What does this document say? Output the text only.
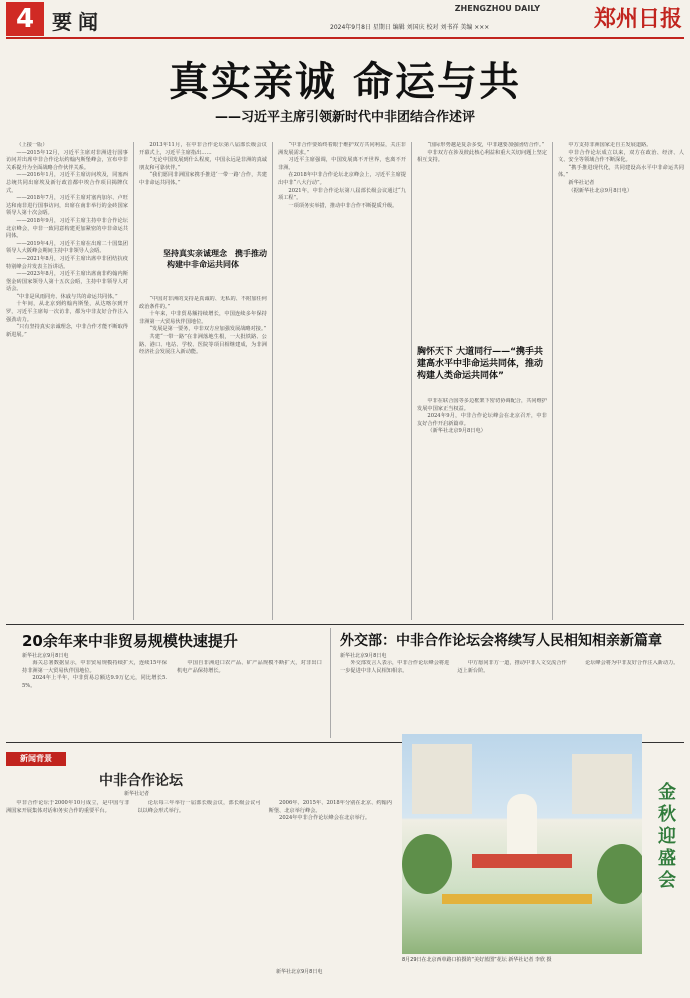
4 要闻
ZHENGZHOU DAILY 郑州日报
2024年9月8日 星期日 编辑 刘国庆 校对 刘书祥 美编 ×××
真实亲诚 命运与共
——习近平主席引领新时代中非团结合作述评

（上接一版）

——2015年12月，习近平主席对非洲进行国事访问并出席中非合作论坛约翰内斯堡峰会，宣布中非关系提升为全面战略合作伙伴关系。

——2016年1月，习近平主席访问埃及，同塞西总统共同出席埃及新行政首都中埃合作项目揭牌仪式。

——2018年7月，习近平主席对塞内加尔、卢旺达和南非进行国事访问，出席在南非举行的金砖国家领导人第十次会晤。

——2018年9月，习近平主席主持中非合作论坛北京峰会，中非一致同意构建更加紧密的中非命运共同体。

——2019年4月，习近平主席在出席二十国集团领导人大阪峰会期间主持中非领导人会晤。

——2021年8月，习近平主席出席中非团结抗疫特别峰会并发表主旨讲话。

——2023年8月，习近平主席出席南非约翰内斯堡金砖国家领导人第十五次会晤，主持中非领导人对话会。

“中非是风雨同舟、休戚与共的命运共同体。”

十年间，从北京到约翰内斯堡，从达喀尔到开罗，习近平主席每一次访非，都为中非友好合作注入强劲动力。

“只有坚持真实亲诚理念，中非合作才能不断取得新进展。”

2013年11月，在中非合作论坛第八届部长级会议开幕式上，习近平主席指出……

“无论中国发展到什么程度，中国永远是非洲的真诚朋友和可靠伙伴。”

“我们愿同非洲国家携手推进‘一带一路’合作，共建中非命运共同体。”

　　　坚持真实亲诚理念　携手推动构建中非命运共同体

“中国对非洲的支持是真诚的、无私的、不附加任何政治条件的。”

十年来，中非贸易额持续增长，中国连续多年保持非洲第一大贸易伙伴国地位。

“发展是第一要务，中非双方应加强发展战略对接。”

共建“一带一路”在非洲落地生根，一大批铁路、公路、港口、电站、学校、医院等项目相继建成，为非洲经济社会发展注入新动能。

“中非合作要始终着眼于维护双方共同利益，关注非洲发展需求。”

习近平主席强调，中国发展离不开世界，也离不开非洲。

在2018年中非合作论坛北京峰会上，习近平主席提出中非“八大行动”。

2021年，中非合作论坛第八届部长级会议通过“九项工程”。

一项项务实举措，推动中非合作不断提质升级。

“国际形势越是复杂多变，中非越要加强团结合作。”

中非双方在涉及彼此核心利益和重大关切问题上坚定相互支持。

胸怀天下 大道同行——“携手共建高水平中非命运共同体，推动构建人类命运共同体”

中非在联合国等多边框架下密切协调配合，共同维护发展中国家正当权益。

2024年9月，中非合作论坛峰会在北京召开，中非友好合作开启新篇章。

（新华社北京9月8日电）

中方支持非洲国家走自主发展道路。

中非合作论坛成立以来，双方在政治、经济、人文、安全等领域合作不断深化。

“携手推进现代化，共同建设高水平中非命运共同体。”

新华社记者

（据新华社北京9月8日电）

20余年来中非贸易规模快速提升
新华社北京9月8日电

海关总署数据显示，中非贸易规模持续扩大，连续15年保持非洲第一大贸易伙伴国地位。

2024年上半年，中非贸易总额达9.9万亿元，同比增长5.5%。

中国自非洲进口农产品、矿产品规模不断扩大，对非出口机电产品保持增长。

外交部：中非合作论坛会将续写人民相知相亲新篇章
新华社北京9月8日电

外交部发言人表示，中非合作论坛峰会将进一步促进中非人民相知相亲。

中方愿同非方一道，推动中非人文交流合作迈上新台阶。

论坛峰会将为中非友好合作注入新动力。

新闻背景
中非合作论坛
新华社记者

中非合作论坛于2000年10月成立，是中国与非洲国家开展集体对话和务实合作的重要平台。

论坛每三年举行一届部长级会议，部长级会议可以以峰会形式举行。

2006年、2015年、2018年分别在北京、约翰内斯堡、北京举行峰会。

2024年中非合作论坛峰会在北京举行。

新华社北京9月8日电
8月29日在北京西单路口拍摄的“美好蓝图”花坛 新华社记者 李欣 摄
金秋迎盛会
